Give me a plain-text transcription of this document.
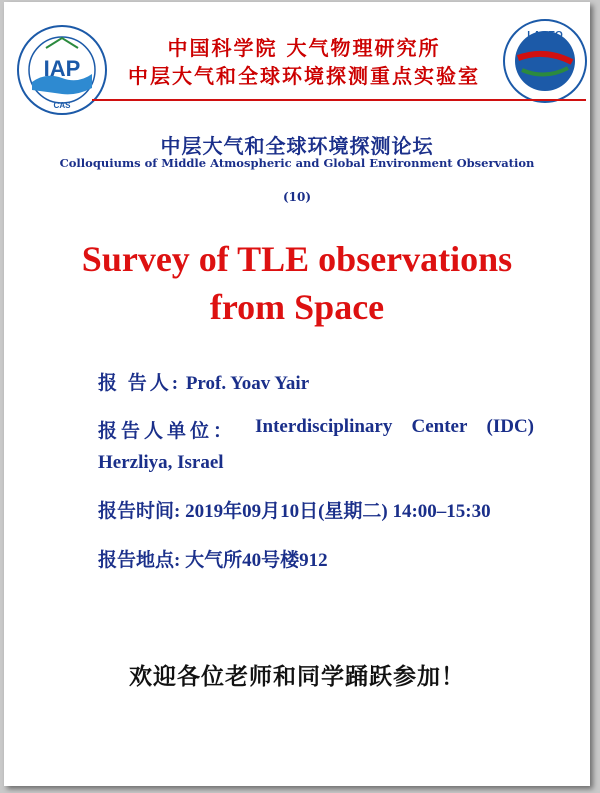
IAP
CAS
中国科学院 大气物理研究所
中层大气和全球环境探测重点实验室
LAGEO
中层大气和全球环境探测论坛
Colloquiums of Middle Atmospheric and Global Environment Observation
(10)
Survey of TLE observations
from Space
报 告人: Prof. Yoav Yair
报告人单位： Interdisciplinary Center (IDC)
Herzliya, Israel
报告时间: 2019年09月10日(星期二) 14:00–15:30
报告地点: 大气所40号楼912
欢迎各位老师和同学踊跃参加！
